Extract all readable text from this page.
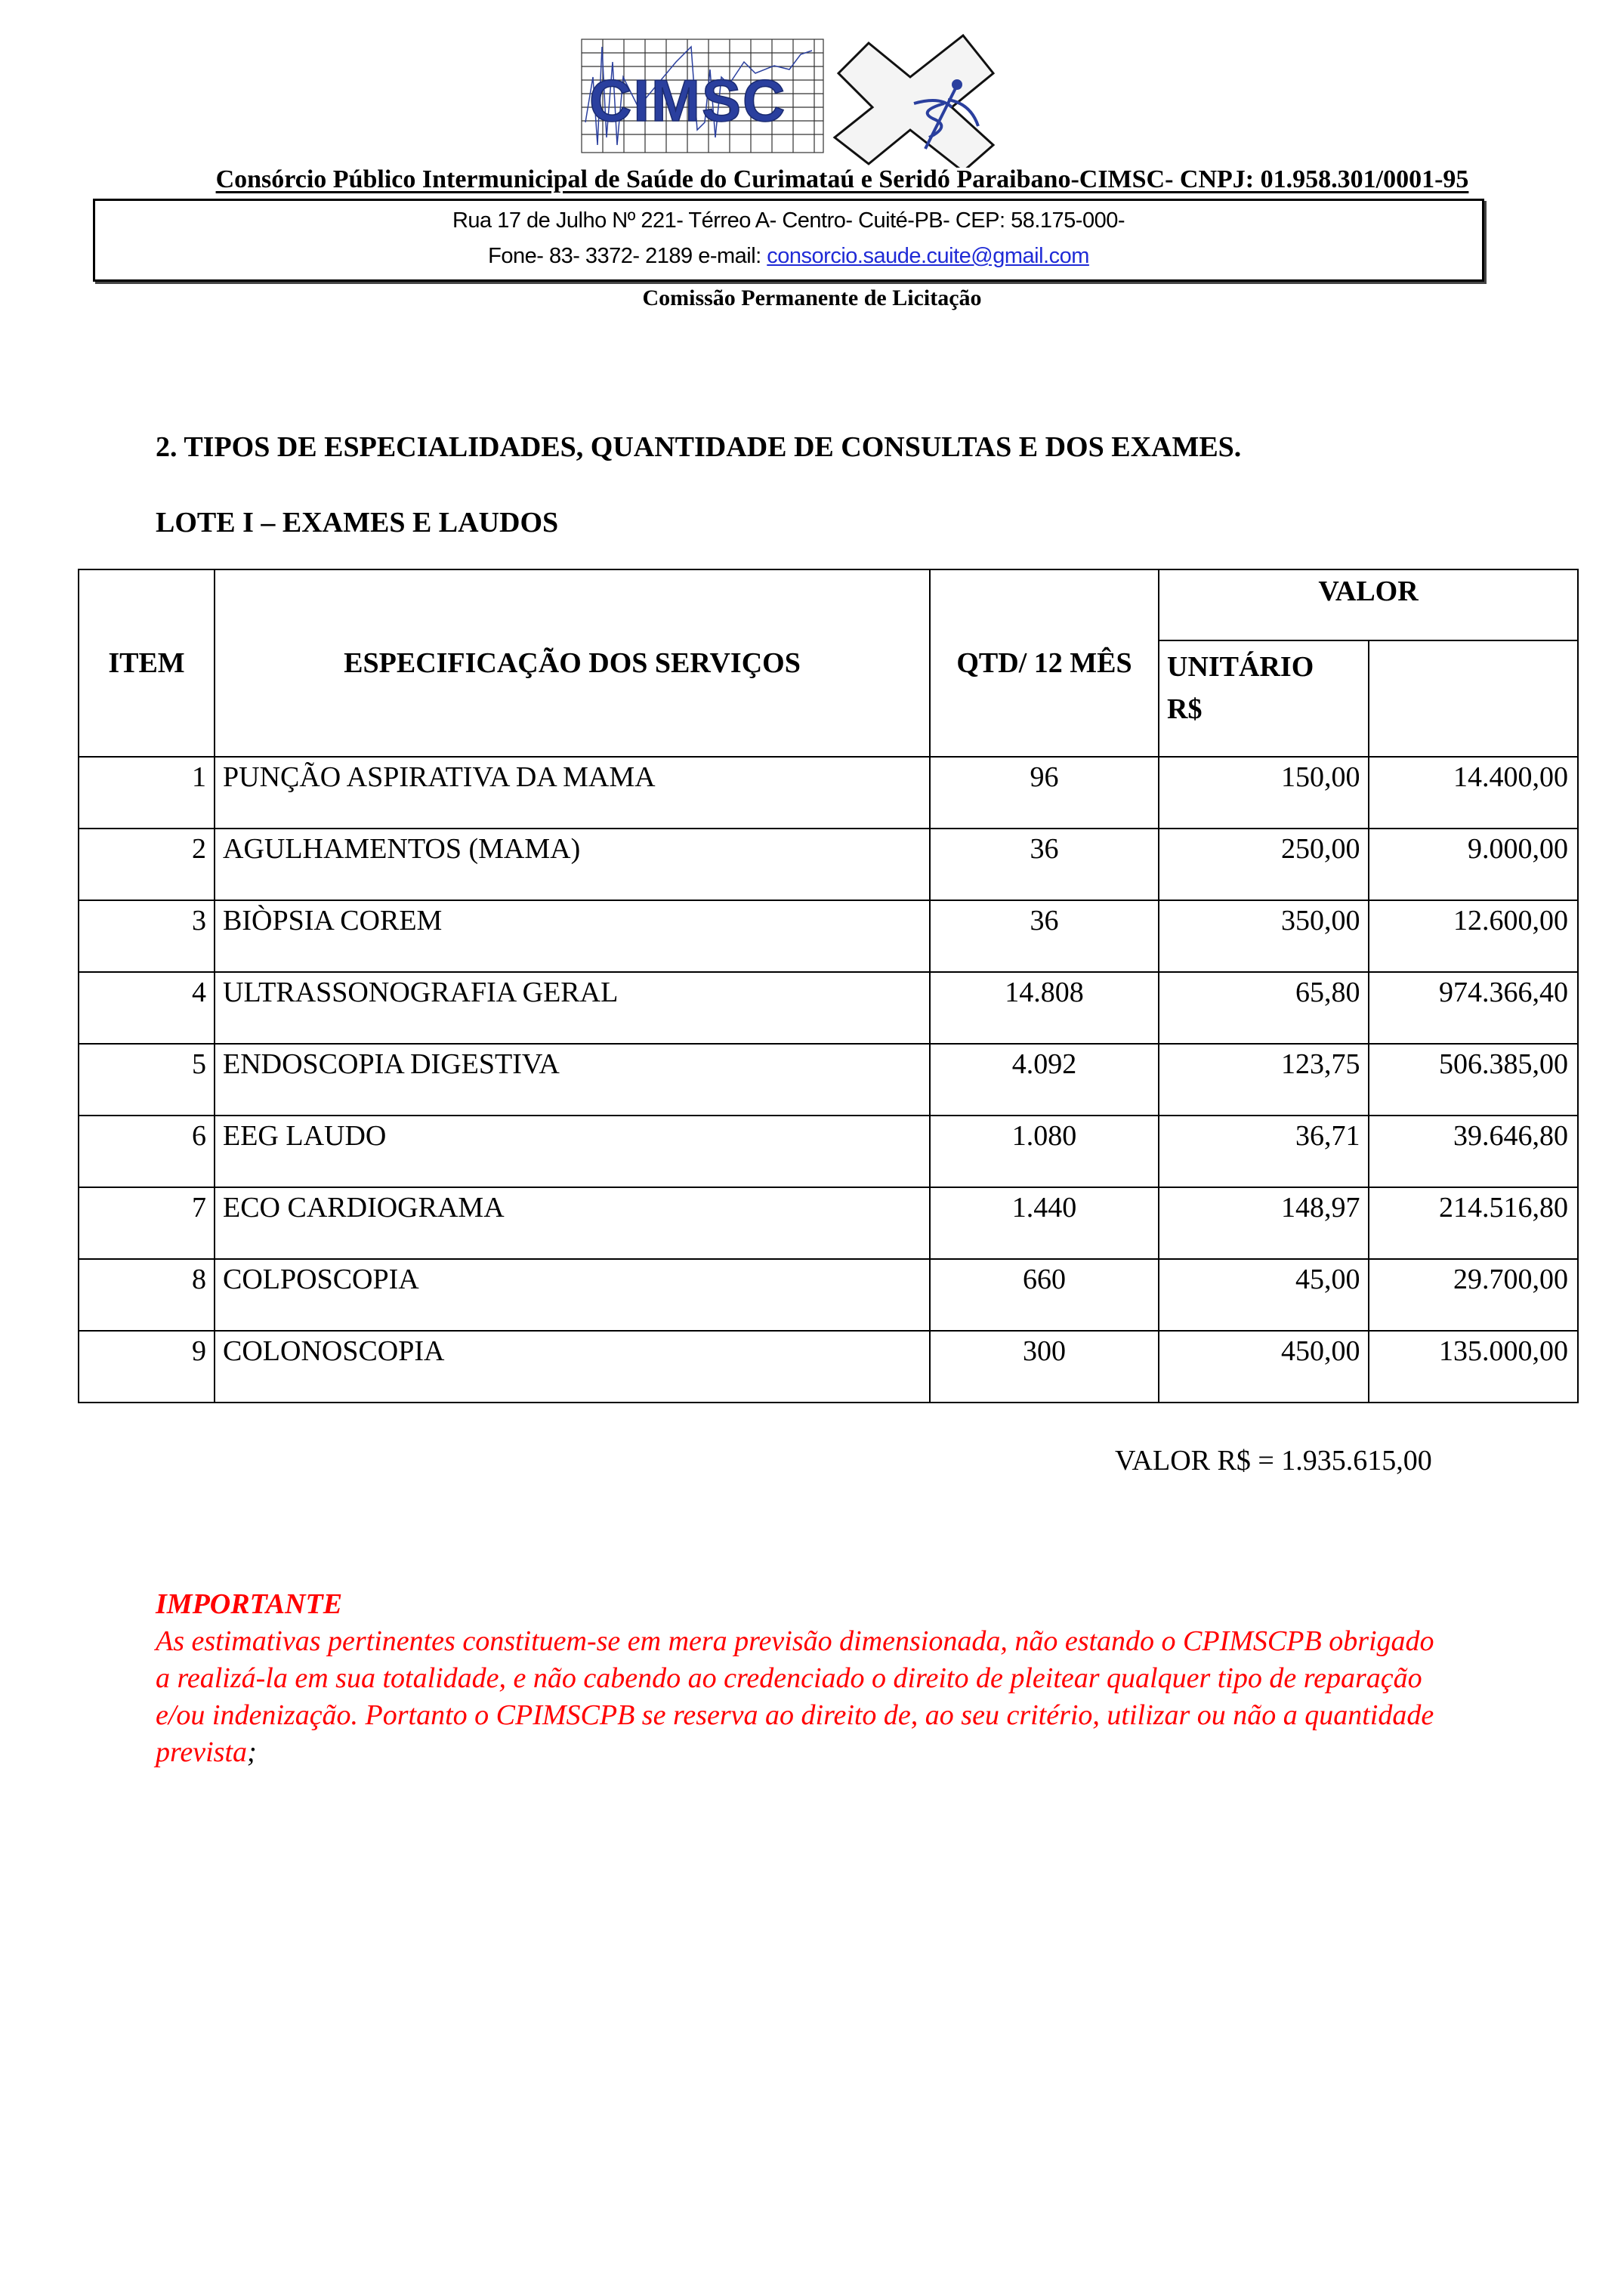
CIMSC
Consórcio Público Intermunicipal de Saúde do Curimataú e Seridó Paraibano-CIMSC- CNPJ: 01.958.301/0001-95
Rua 17 de Julho Nº 221- Térreo A- Centro- Cuité-PB- CEP: 58.175-000-
Fone- 83- 3372- 2189 e-mail: consorcio.saude.cuite@gmail.com
Comissão Permanente de Licitação
2. TIPOS DE ESPECIALIDADES, QUANTIDADE DE CONSULTAS E DOS EXAMES.
LOTE I – EXAMES E LAUDOS
ITEM	ESPECIFICAÇÃO DOS SERVIÇOS	QTD/ 12 MÊS	VALOR	
			UNITÁRIO
R$	
1	PUNÇÃO ASPIRATIVA DA MAMA	96	150,00	14.400,00
2	AGULHAMENTOS (MAMA)	36	250,00	9.000,00
3	BIÒPSIA COREM	36	350,00	12.600,00
4	ULTRASSONOGRAFIA GERAL	14.808	65,80	974.366,40
5	ENDOSCOPIA DIGESTIVA	4.092	123,75	506.385,00
6	EEG LAUDO	1.080	36,71	39.646,80
7	ECO CARDIOGRAMA	1.440	148,97	214.516,80
8	COLPOSCOPIA	660	45,00	29.700,00
9	COLONOSCOPIA	300	450,00	135.000,00
VALOR R$ = 1.935.615,00
IMPORTANTE
As estimativas pertinentes constituem-se em mera previsão dimensionada, não estando o CPIMSCPB obrigado a realizá-la em sua totalidade, e não cabendo ao credenciado o direito de pleitear qualquer tipo de reparação e/ou indenização. Portanto o CPIMSCPB se reserva ao direito de, ao seu critério, utilizar ou não a quantidade prevista;
